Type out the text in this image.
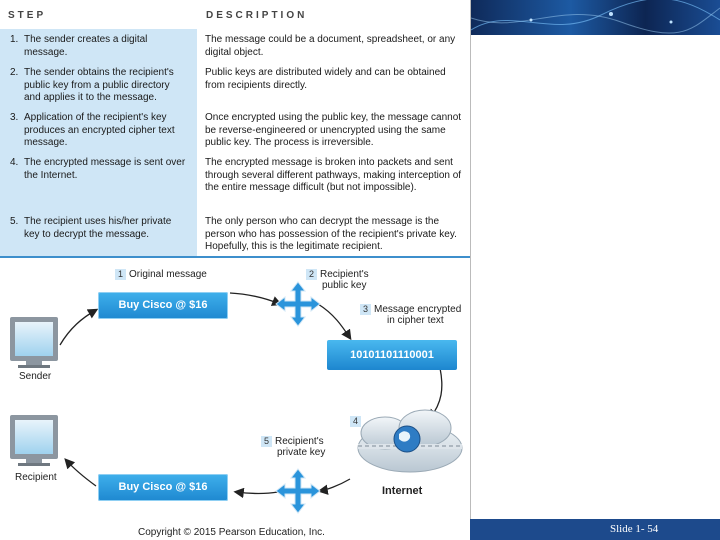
STEP	DESCRIPTION
1. The sender creates a digital message.
The message could be a document, spreadsheet, or any digital object.
2. The sender obtains the recipient's public key from a public directory and applies it to the message.
Public keys are distributed widely and can be obtained from recipients directly.
3. Application of the recipient's key produces an encrypted cipher text message.
Once encrypted using the public key, the message cannot be reverse-engineered or unencrypted using the same public key. The process is irreversible.
4. The encrypted message is sent over the Internet.
The encrypted message is broken into packets and sent through several different pathways, making interception of the entire message difficult (but not impossible).
5. The recipient uses his/her private key to decrypt the message.
The only person who can decrypt the message is the person who has possession of the recipient's private key. Hopefully, this is the legitimate recipient.
1 Original message	2 Recipient's
public key
3 Message encrypted
in cipher text
4
5 Recipient's
private key
Buy Cisco @ $16
10101101110001
Buy Cisco @ $16
Sender
Recipient
Internet
Copyright © 2015 Pearson Education, Inc.	Slide 1- 54
